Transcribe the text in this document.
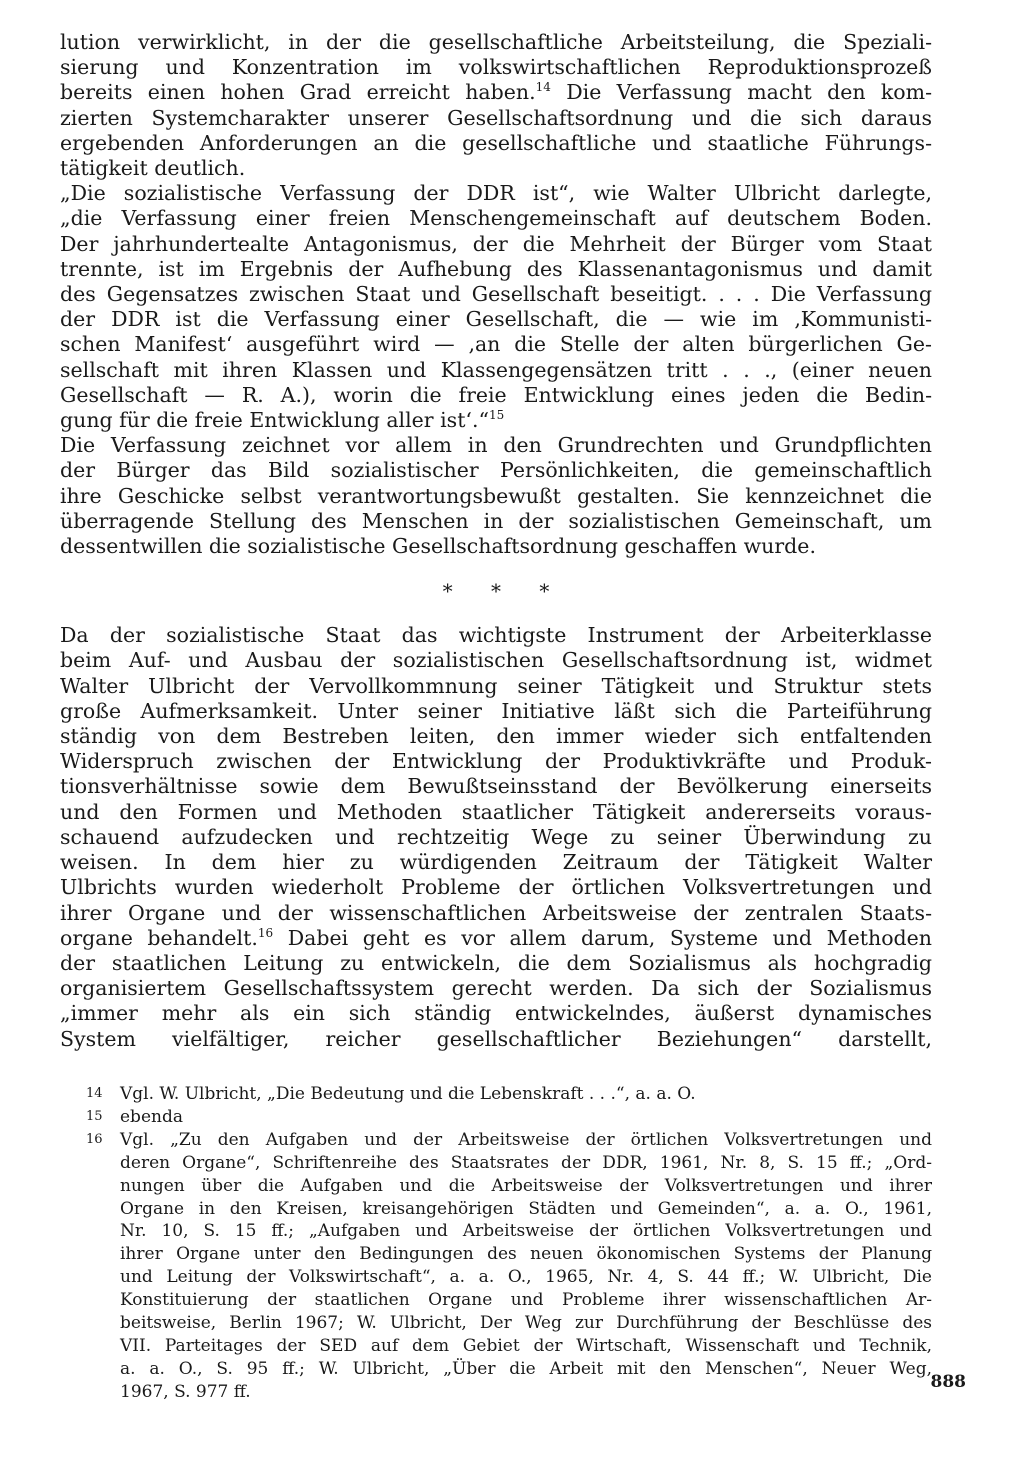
lution verwirklicht, in der die gesellschaftliche Arbeitsteilung, die Speziali-
sierung und Konzentration im volkswirtschaftlichen Reproduktionsprozeß
bereits einen hohen Grad erreicht haben.$^{14}$ Die Verfassung macht den kom-
zierten Systemcharakter unserer Gesellschaftsordnung und die sich daraus
ergebenden Anforderungen an die gesellschaftliche und staatliche Führungs-
tätigkeit deutlich.

„Die sozialistische Verfassung der DDR ist“, wie Walter Ulbricht darlegte,
„die Verfassung einer freien Menschengemeinschaft auf deutschem Boden.
Der jahrhundertealte Antagonismus, der die Mehrheit der Bürger vom Staat
trennte, ist im Ergebnis der Aufhebung des Klassenantagonismus und damit
des Gegensatzes zwischen Staat und Gesellschaft beseitigt. . . . Die Verfassung
der DDR ist die Verfassung einer Gesellschaft, die — wie im ‚Kommunisti-
schen Manifest‘ ausgeführt wird — ‚an die Stelle der alten bürgerlichen Ge-
sellschaft mit ihren Klassen und Klassengegensätzen tritt . . ., (einer neuen
Gesellschaft — R. A.), worin die freie Entwicklung eines jeden die Bedin-
gung für die freie Entwicklung aller ist‘.“$^{15}$

Die Verfassung zeichnet vor allem in den Grundrechten und Grundpflichten
der Bürger das Bild sozialistischer Persönlichkeiten, die gemeinschaftlich
ihre Geschicke selbst verantwortungsbewußt gestalten. Sie kennzeichnet die
überragende Stellung des Menschen in der sozialistischen Gemeinschaft, um
dessentwillen die sozialistische Gesellschaftsordnung geschaffen wurde.

* * *

Da der sozialistische Staat das wichtigste Instrument der Arbeiterklasse
beim Auf- und Ausbau der sozialistischen Gesellschaftsordnung ist, widmet
Walter Ulbricht der Vervollkommnung seiner Tätigkeit und Struktur stets
große Aufmerksamkeit. Unter seiner Initiative läßt sich die Parteiführung
ständig von dem Bestreben leiten, den immer wieder sich entfaltenden
Widerspruch zwischen der Entwicklung der Produktivkräfte und Produk-
tionsverhältnisse sowie dem Bewußtseinsstand der Bevölkerung einerseits
und den Formen und Methoden staatlicher Tätigkeit andererseits voraus-
schauend aufzudecken und rechtzeitig Wege zu seiner Überwindung zu
weisen. In dem hier zu würdigenden Zeitraum der Tätigkeit Walter
Ulbrichts wurden wiederholt Probleme der örtlichen Volksvertretungen und
ihrer Organe und der wissenschaftlichen Arbeitsweise der zentralen Staats-
organe behandelt.$^{16}$ Dabei geht es vor allem darum, Systeme und Methoden
der staatlichen Leitung zu entwickeln, die dem Sozialismus als hochgradig
organisiertem Gesellschaftssystem gerecht werden. Da sich der Sozialismus
„immer mehr als ein sich ständig entwickelndes, äußerst dynamisches
System vielfältiger, reicher gesellschaftlicher Beziehungen“ darstellt,

14 Vgl. W. Ulbricht, „Die Bedeutung und die Lebenskraft . . .“, a. a. O.
15 ebenda
16 Vgl. „Zu den Aufgaben und der Arbeitsweise der örtlichen Volksvertretungen und
deren Organe“, Schriftenreihe des Staatsrates der DDR, 1961, Nr. 8, S. 15 ff.; „Ord-
nungen über die Aufgaben und die Arbeitsweise der Volksvertretungen und ihrer
Organe in den Kreisen, kreisangehörigen Städten und Gemeinden“, a. a. O., 1961,
Nr. 10, S. 15 ff.; „Aufgaben und Arbeitsweise der örtlichen Volksvertretungen und
ihrer Organe unter den Bedingungen des neuen ökonomischen Systems der Planung
und Leitung der Volkswirtschaft“, a. a. O., 1965, Nr. 4, S. 44 ff.; W. Ulbricht, Die
Konstituierung der staatlichen Organe und Probleme ihrer wissenschaftlichen Ar-
beitsweise, Berlin 1967; W. Ulbricht, Der Weg zur Durchführung der Beschlüsse des
VII. Parteitages der SED auf dem Gebiet der Wirtschaft, Wissenschaft und Technik,
a. a. O., S. 95 ff.; W. Ulbricht, „Über die Arbeit mit den Menschen“, Neuer Weg,
1967, S. 977 ff.	888
